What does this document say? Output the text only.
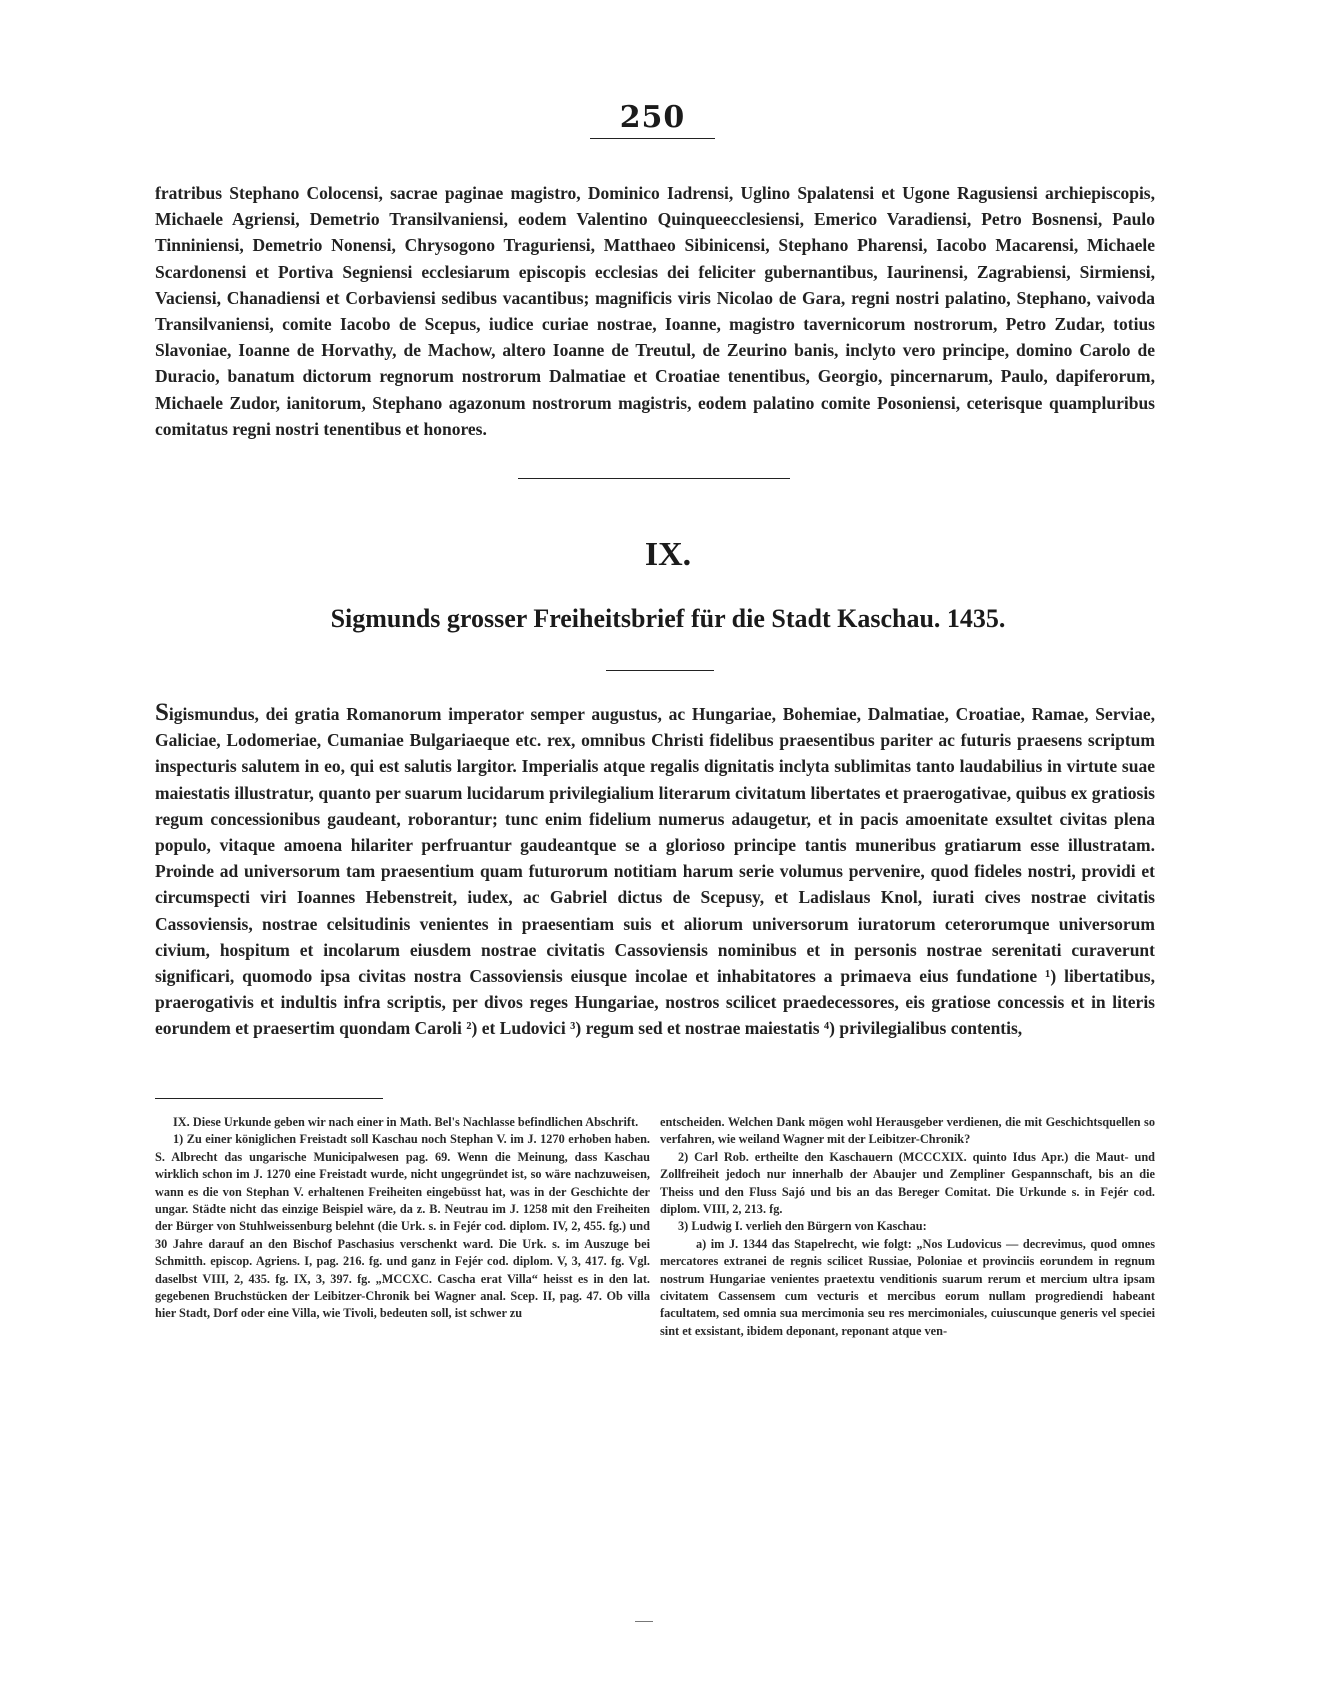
250
fratribus Stephano Colocensi, sacrae paginae magistro, Dominico Iadrensi, Uglino Spalatensi et Ugone Ragusiensi archiepiscopis, Michaele Agriensi, Demetrio Transilvaniensi, eodem Valentino Quinqueecclesiensi, Emerico Varadiensi, Petro Bosnensi, Paulo Tinniniensi, Demetrio Nonensi, Chrysogono Traguriensi, Matthaeo Sibinicensi, Stephano Pharensi, Iacobo Macarensi, Michaele Scardonensi et Portiva Segniensi ecclesiarum episcopis ecclesias dei feliciter gubernantibus, Iaurinensi, Zagrabiensi, Sirmiensi, Vaciensi, Chanadiensi et Corbaviensi sedibus vacantibus; magnificis viris Nicolao de Gara, regni nostri palatino, Stephano, vaivoda Transilvaniensi, comite Iacobo de Scepus, iudice curiae nostrae, Ioanne, magistro tavernicorum nostrorum, Petro Zudar, totius Slavoniae, Ioanne de Horvathy, de Machow, altero Ioanne de Treutul, de Zeurino banis, inclyto vero principe, domino Carolo de Duracio, banatum dictorum regnorum nostrorum Dalmatiae et Croatiae tenentibus, Georgio, pincernarum, Paulo, dapiferorum, Michaele Zudor, ianitorum, Stephano agazonum nostrorum magistris, eodem palatino comite Posoniensi, ceterisque quampluribus comitatus regni nostri tenentibus et honores.
IX.
Sigmunds grosser Freiheitsbrief für die Stadt Kaschau. 1435.
Sigismundus, dei gratia Romanorum imperator semper augustus, ac Hungariae, Bohemiae, Dalmatiae, Croatiae, Ramae, Serviae, Galiciae, Lodomeriae, Cumaniae Bulgariaeque etc. rex, omnibus Christi fidelibus praesentibus pariter ac futuris praesens scriptum inspecturis salutem in eo, qui est salutis largitor. Imperialis atque regalis dignitatis inclyta sublimitas tanto laudabilius in virtute suae maiestatis illustratur, quanto per suarum lucidarum privilegialium literarum civitatum libertates et praerogativae, quibus ex gratiosis regum concessionibus gaudeant, roborantur; tunc enim fidelium numerus adaugetur, et in pacis amoenitate exsultet civitas plena populo, vitaque amoena hilariter perfruantur gaudeantque se a glorioso principe tantis muneribus gratiarum esse illustratam. Proinde ad universorum tam praesentium quam futurorum notitiam harum serie volumus pervenire, quod fideles nostri, providi et circumspecti viri Ioannes Hebenstreit, iudex, ac Gabriel dictus de Scepusy, et Ladislaus Knol, iurati cives nostrae civitatis Cassoviensis, nostrae celsitudinis venientes in praesentiam suis et aliorum universorum iuratorum ceterorumque universorum civium, hospitum et incolarum eiusdem nostrae civitatis Cassoviensis nominibus et in personis nostrae serenitati curaverunt significari, quomodo ipsa civitas nostra Cassoviensis eiusque incolae et inhabitatores a primaeva eius fundatione ¹) libertatibus, praerogativis et indultis infra scriptis, per divos reges Hungariae, nostros scilicet praedecessores, eis gratiose concessis et in literis eorundem et praesertim quondam Caroli ²) et Ludovici ³) regum sed et nostrae maiestatis ⁴) privilegialibus contentis,

IX. Diese Urkunde geben wir nach einer in Math. Bel's Nachlasse befindlichen Abschrift.

1) Zu einer königlichen Freistadt soll Kaschau noch Stephan V. im J. 1270 erhoben haben. S. Albrecht das ungarische Municipalwesen pag. 69. Wenn die Meinung, dass Kaschau wirklich schon im J. 1270 eine Freistadt wurde, nicht ungegründet ist, so wäre nachzuweisen, wann es die von Stephan V. erhaltenen Freiheiten eingebüsst hat, was in der Geschichte der ungar. Städte nicht das einzige Beispiel wäre, da z. B. Neutrau im J. 1258 mit den Freiheiten der Bürger von Stuhlweissenburg belehnt (die Urk. s. in Fejér cod. diplom. IV, 2, 455. fg.) und 30 Jahre darauf an den Bischof Paschasius verschenkt ward. Die Urk. s. im Auszuge bei Schmitth. episcop. Agriens. I, pag. 216. fg. und ganz in Fejér cod. diplom. V, 3, 417. fg. Vgl. daselbst VIII, 2, 435. fg. IX, 3, 397. fg. „MCCXC. Cascha erat Villa“ heisst es in den lat. gegebenen Bruchstücken der Leibitzer-Chronik bei Wagner anal. Scep. II, pag. 47. Ob villa hier Stadt, Dorf oder eine Villa, wie Tivoli, bedeuten soll, ist schwer zu

entscheiden. Welchen Dank mögen wohl Herausgeber verdienen, die mit Geschichtsquellen so verfahren, wie weiland Wagner mit der Leibitzer-Chronik?

2) Carl Rob. ertheilte den Kaschauern (MCCCXIX. quinto Idus Apr.) die Maut- und Zollfreiheit jedoch nur innerhalb der Abaujer und Zempliner Gespannschaft, bis an die Theiss und den Fluss Sajó und bis an das Bereger Comitat. Die Urkunde s. in Fejér cod. diplom. VIII, 2, 213. fg.

3) Ludwig I. verlieh den Bürgern von Kaschau:

a) im J. 1344 das Stapelrecht, wie folgt: „Nos Ludovicus — decrevimus, quod omnes mercatores extranei de regnis scilicet Russiae, Poloniae et provinciis eorundem in regnum nostrum Hungariae venientes praetextu venditionis suarum rerum et mercium ultra ipsam civitatem Cassensem cum vecturis et mercibus eorum nullam progrediendi habeant facultatem, sed omnia sua mercimonia seu res mercimoniales, cuiuscunque generis vel speciei sint et exsistant, ibidem deponant, reponant atque ven-
